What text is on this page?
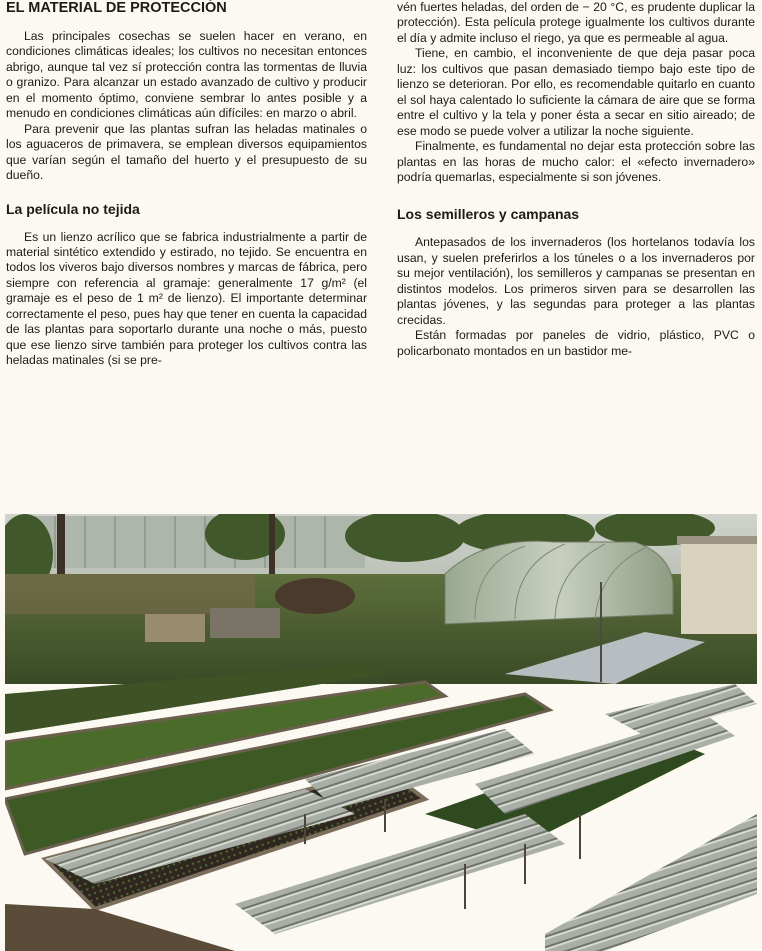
EL MATERIAL DE PROTECCIÓN

Las principales cosechas se suelen hacer en verano, en condiciones climáticas ideales; los cultivos no necesitan entonces abrigo, aunque tal vez sí protección contra las tormentas de lluvia o granizo. Para alcanzar un estado avanzado de cultivo y producir en el momento óptimo, conviene sembrar lo antes posible y a menudo en condiciones climáticas aún difíciles: en marzo o abril.

Para prevenir que las plantas sufran las heladas matinales o los aguaceros de primavera, se emplean diversos equipamientos que varían según el tamaño del huerto y el presupuesto de su dueño.

La película no tejida

Es un lienzo acrílico que se fabrica industrialmente a partir de material sintético extendido y estirado, no tejido. Se encuentra en todos los viveros bajo diversos nombres y marcas de fábrica, pero siempre con referencia al gramaje: generalmente 17 g/m² (el gramaje es el peso de 1 m² de lienzo). El importante determinar correctamente el peso, pues hay que tener en cuenta la capacidad de las plantas para soportarlo durante una noche o más, puesto que ese lienzo sirve también para proteger los cultivos contra las heladas matinales (si se pre-

vén fuertes heladas, del orden de − 20 °C, es prudente duplicar la protección). Esta película protege igualmente los cultivos durante el día y admite incluso el riego, ya que es permeable al agua.

Tiene, en cambio, el inconveniente de que deja pasar poca luz: los cultivos que pasan demasiado tiempo bajo este tipo de lienzo se deterioran. Por ello, es recomendable quitarlo en cuanto el sol haya calentado lo suficiente la cámara de aire que se forma entre el cultivo y la tela y poner ésta a secar en sitio aireado; de ese modo se puede volver a utilizar la noche siguiente.

Finalmente, es fundamental no dejar esta protección sobre las plantas en las horas de mucho calor: el «efecto invernadero» podría quemarlas, especialmente si son jóvenes.

Los semilleros y campanas

Antepasados de los invernaderos (los hortelanos todavía los usan, y suelen preferirlos a los túneles o a los invernaderos por su mejor ventilación), los semilleros y campanas se presentan en distintos modelos. Los primeros sirven para se desarrollen las plantas jóvenes, y las segundas para proteger a las plantas crecidas.

Están formadas por paneles de vidrio, plástico, PVC o policarbonato montados en un bastidor me-
